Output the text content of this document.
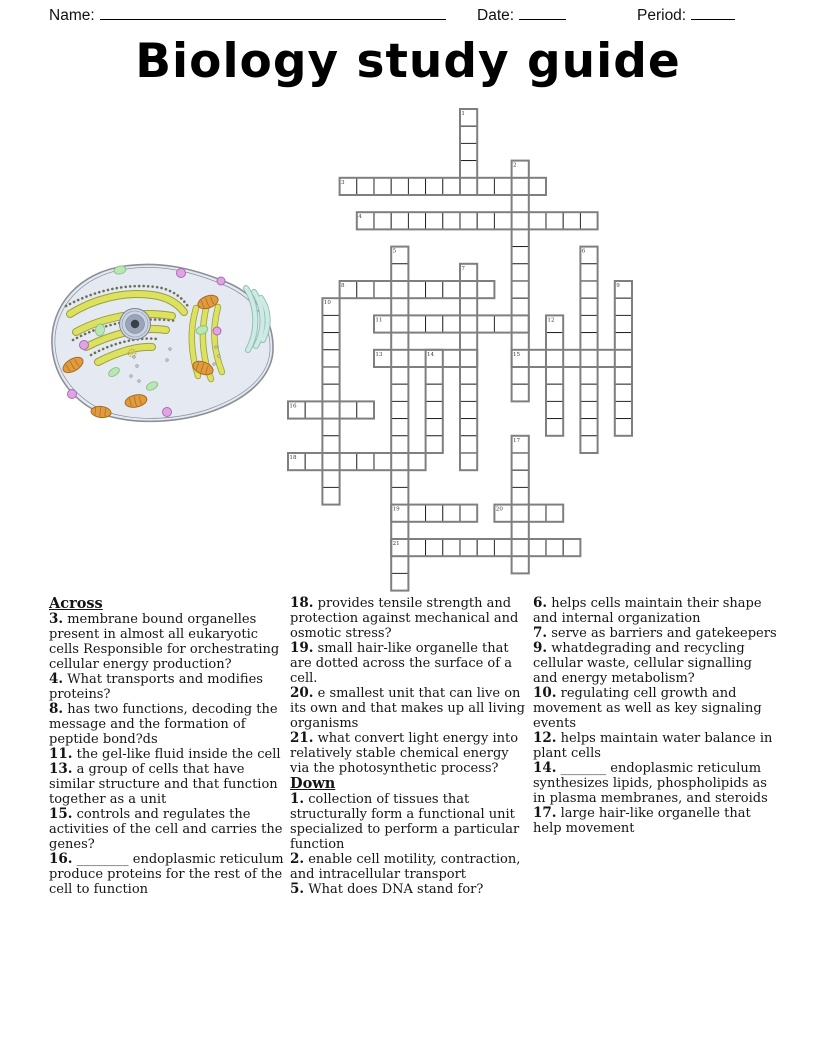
Name:	Date:	Period:
Biology study guide
1
2
3
4
5	6
7
8	9
10
11	12
13	14	15
16
17
18
19	20
21
Across

3. membrane bound organelles present in almost all eukaryotic cells Responsible for orchestrating cellular energy production?

4. What transports and modifies proteins?

8. has two functions, decoding the message and the formation of peptide bond?ds

11. the gel-like fluid inside the cell

13. a group of cells that have similar structure and that function together as a unit

15. controls and regulates the activities of the cell and carries the genes?

16. ________ endoplasmic reticulum produce proteins for the rest of the cell to function

18. provides tensile strength and protection against mechanical and osmotic stress?

19. small hair-like organelle that are dotted across the surface of a cell.

20. e smallest unit that can live on its own and that makes up all living organisms

21. what convert light energy into relatively stable chemical energy via the photosynthetic process?

Down

1. collection of tissues that structurally form a functional unit specialized to perform a particular function

2. enable cell motility, contraction, and intracellular transport

5. What does DNA stand for?

6. helps cells maintain their shape and internal organization

7. serve as barriers and gatekeepers

9. whatdegrading and recycling cellular waste, cellular signalling and energy metabolism?

10. regulating cell growth and movement as well as key signaling events

12. helps maintain water balance in plant cells

14. _______ endoplasmic reticulum synthesizes lipids, phospholipids as in plasma membranes, and steroids

17. large hair-like organelle that help movement
